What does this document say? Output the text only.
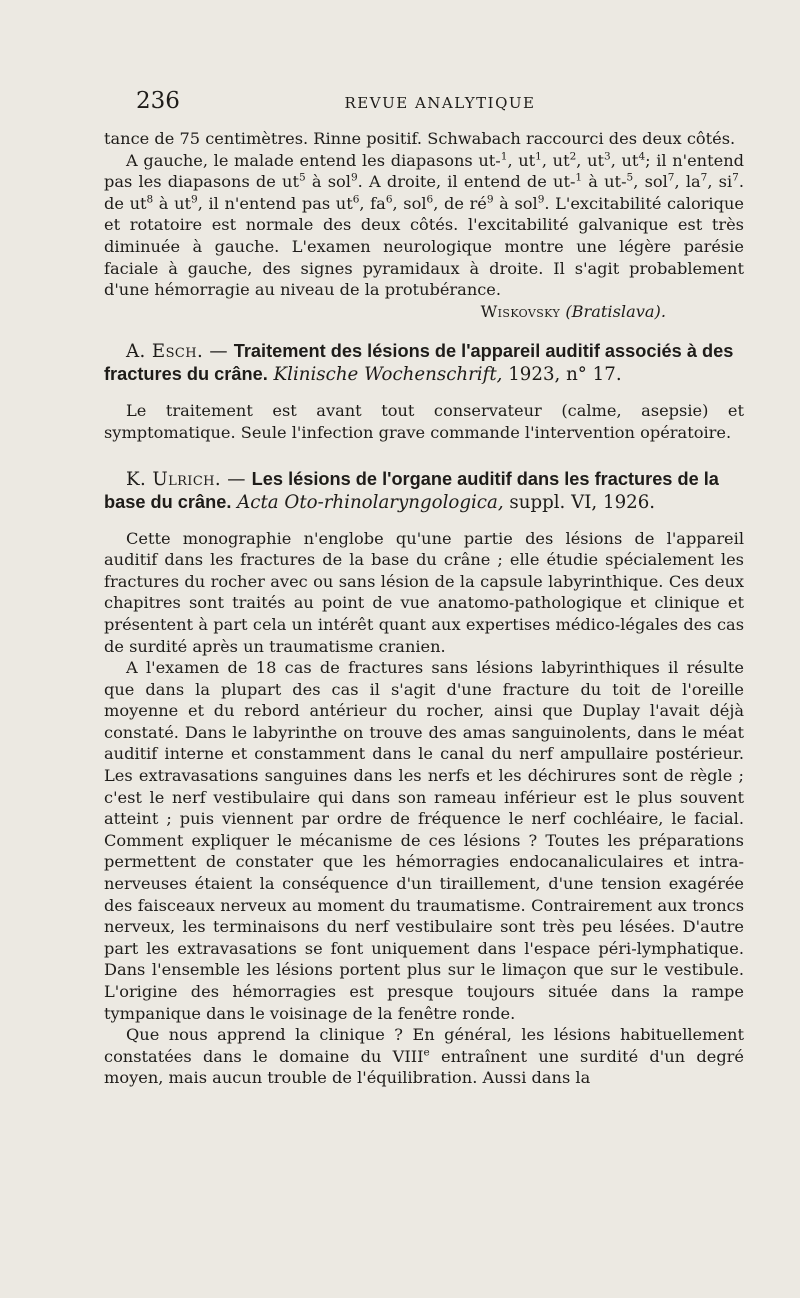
236	REVUE ANALYTIQUE

tance de 75 centimètres. Rinne positif. Schwabach raccourci des deux côtés.

A gauche, le malade entend les diapasons ut-$^1$, $ut^1$, $ut^2$, $ut^3$, $ut^4$; il n'entend pas les diapasons de $ut^5$ à sol$^9$. A droite, il entend de ut-$^1$ à ut-$^5$, sol$^7$, $la^7$, $si^7$. de $ut^8$ à $ut^9$, il n'entend pas $ut^6$, $fa^6$, sol$^6$, de $ré^9$ à sol$^9$. L'excitabilité calorique et rotatoire est normale des deux côtés. l'excitabilité galvanique est très diminuée à gauche. L'examen neurologique montre une légère parésie faciale à gauche, des signes pyramidaux à droite. Il s'agit probablement d'une hémorragie au niveau de la protubérance.

Wiskovsky (Bratislava).

A. Esch. — Traitement des lésions de l'appareil auditif associés à des fractures du crâne. Klinische Wochenschrift, 1923, n° 17.

Le traitement est avant tout conservateur (calme, asepsie) et symptomatique. Seule l'infection grave commande l'intervention opératoire.

K. Ulrich. — Les lésions de l'organe auditif dans les fractures de la base du crâne. Acta Oto-rhinolaryngologica, suppl. VI, 1926.

Cette monographie n'englobe qu'une partie des lésions de l'appareil auditif dans les fractures de la base du crâne ; elle étudie spécialement les fractures du rocher avec ou sans lésion de la capsule labyrinthique. Ces deux chapitres sont traités au point de vue anatomo-pathologique et clinique et présentent à part cela un intérêt quant aux expertises médico-légales des cas de surdité après un traumatisme cranien.

A l'examen de 18 cas de fractures sans lésions labyrinthiques il résulte que dans la plupart des cas il s'agit d'une fracture du toit de l'oreille moyenne et du rebord antérieur du rocher, ainsi que Duplay l'avait déjà constaté. Dans le labyrinthe on trouve des amas sanguinolents, dans le méat auditif interne et constamment dans le canal du nerf ampullaire postérieur. Les extravasations sanguines dans les nerfs et les déchirures sont de règle ; c'est le nerf vestibulaire qui dans son rameau inférieur est le plus souvent atteint ; puis viennent par ordre de fréquence le nerf cochléaire, le facial. Comment expliquer le mécanisme de ces lésions ? Toutes les préparations permettent de constater que les hémorragies endocanaliculaires et intra-nerveuses étaient la conséquence d'un tiraillement, d'une tension exagérée des faisceaux nerveux au moment du traumatisme. Contrairement aux troncs nerveux, les terminaisons du nerf vestibulaire sont très peu lésées. D'autre part les extravasations se font uniquement dans l'espace péri-lymphatique. Dans l'ensemble les lésions portent plus sur le limaçon que sur le vestibule. L'origine des hémorragies est presque toujours située dans la rampe tympanique dans le voisinage de la fenêtre ronde.

Que nous apprend la clinique ? En général, les lésions habituellement constatées dans le domaine du VIIIe entraînent une surdité d'un degré moyen, mais aucun trouble de l'équilibration. Aussi dans la
